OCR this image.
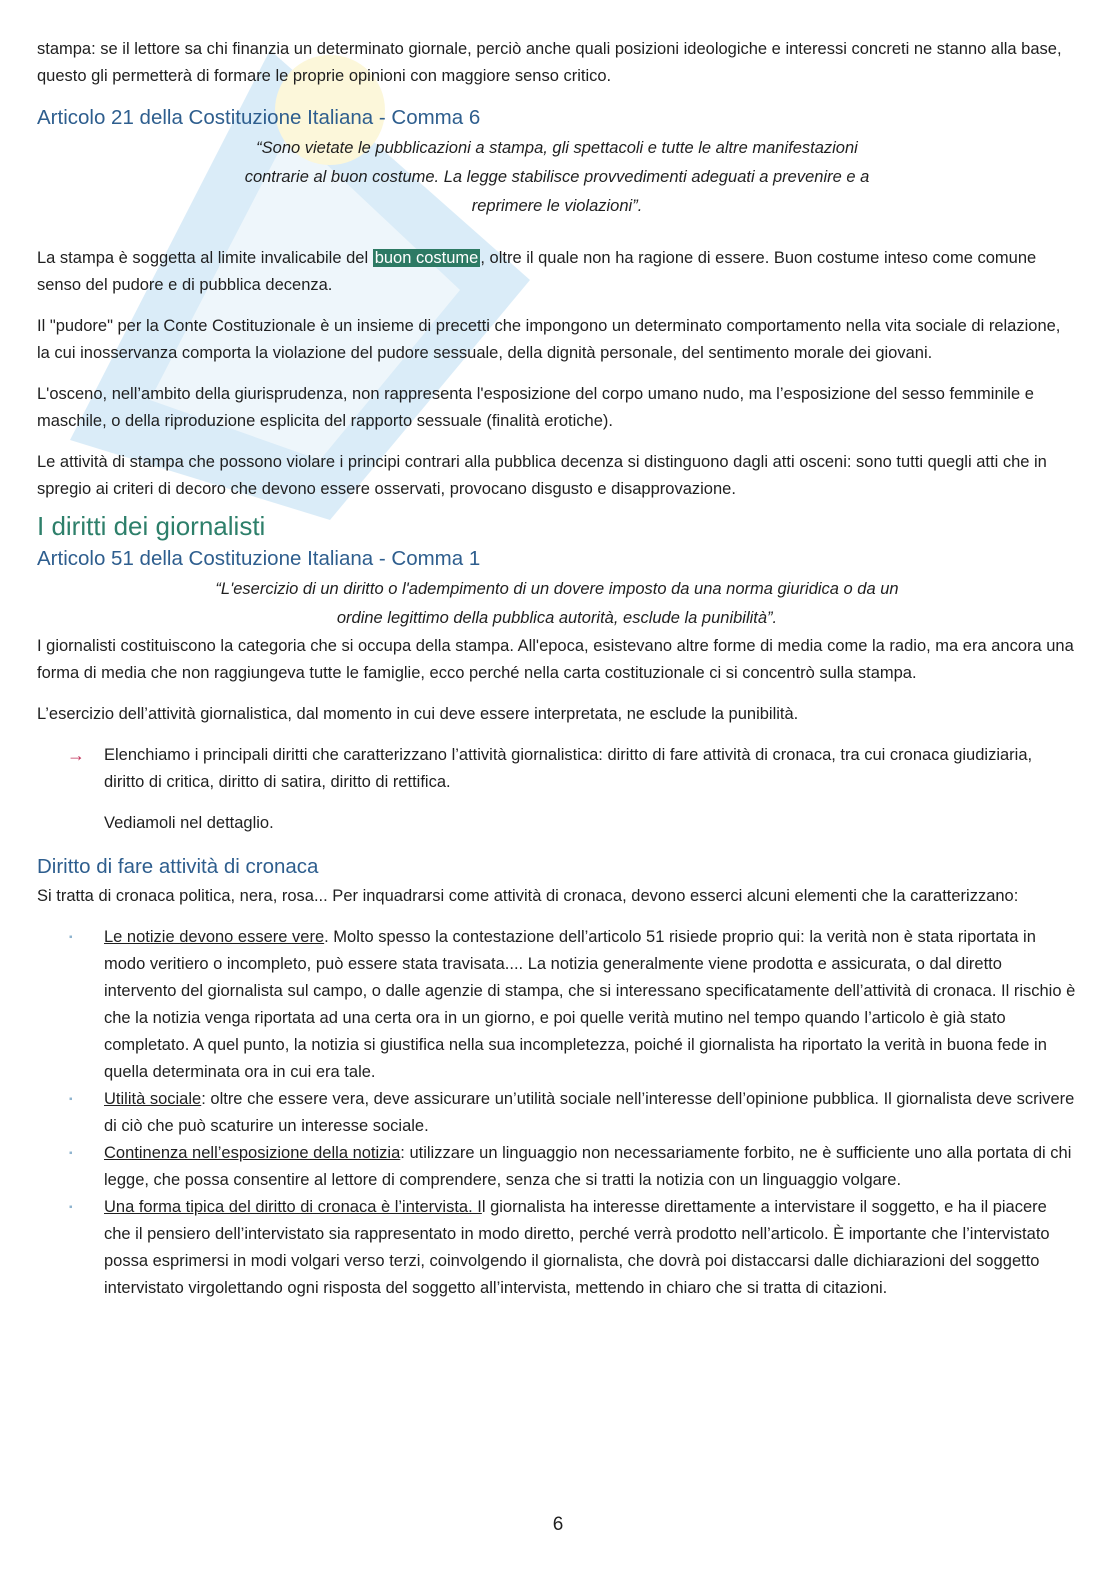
stampa: se il lettore sa chi finanzia un determinato giornale, perciò anche quali posizioni ideologiche e interessi concreti ne stanno alla base, questo gli permetterà di formare le proprie opinioni con maggiore senso critico.

Articolo 21 della Costituzione Italiana - Comma 6

“Sono vietate le pubblicazioni a stampa, gli spettacoli e tutte le altre manifestazioni contrarie al buon costume. La legge stabilisce provvedimenti adeguati a prevenire e a reprimere le violazioni”.

La stampa è soggetta al limite invalicabile del buon costume , oltre il quale non ha ragione di essere. Buon costume inteso come comune senso del pudore e di pubblica decenza.

Il "pudore" per la Conte Costituzionale è un insieme di precetti che impongono un determinato comportamento nella vita sociale di relazione, la cui inosservanza comporta la violazione del pudore sessuale, della dignità personale, del sentimento morale dei giovani.

L'osceno, nell’ambito della giurisprudenza, non rappresenta l'esposizione del corpo umano nudo, ma l’esposizione del sesso femminile e maschile, o della riproduzione esplicita del rapporto sessuale (finalità erotiche).

Le attività di stampa che possono violare i principi contrari alla pubblica decenza si distinguono dagli atti osceni: sono tutti quegli atti che in spregio ai criteri di decoro che devono essere osservati, provocano disgusto e disapprovazione.

I diritti dei giornalisti
Articolo 51 della Costituzione Italiana - Comma 1

“L'esercizio di un diritto o l'adempimento di un dovere imposto da una norma giuridica o da un ordine legittimo della pubblica autorità, esclude la punibilità”.

I giornalisti costituiscono la categoria che si occupa della stampa. All'epoca, esistevano altre forme di media come la radio, ma era ancora una forma di media che non raggiungeva tutte le famiglie, ecco perché nella carta costituzionale ci si concentrò sulla stampa.

L’esercizio dell’attività giornalistica, dal momento in cui deve essere interpretata, ne esclude la punibilità.

→	Elenchiamo i principali diritti che caratterizzano l’attività giornalistica: diritto di fare attività di cronaca, tra cui cronaca giudiziaria, diritto di critica, diritto di satira, diritto di rettifica.

Vediamoli nel dettaglio.

Diritto di fare attività di cronaca

Si tratta di cronaca politica, nera, rosa... Per inquadrarsi come attività di cronaca, devono esserci alcuni elementi che la caratterizzano:

▪	Le notizie devono essere vere. Molto spesso la contestazione dell’articolo 51 risiede proprio qui: la verità non è stata riportata in modo veritiero o incompleto, può essere stata travisata.... La notizia generalmente viene prodotta e assicurata, o dal diretto intervento del giornalista sul campo, o dalle agenzie di stampa, che si interessano specificatamente dell’attività di cronaca. Il rischio è che la notizia venga riportata ad una certa ora in un giorno, e poi quelle verità mutino nel tempo quando l’articolo è già stato completato. A quel punto, la notizia si giustifica nella sua incompletezza, poiché il giornalista ha riportato la verità in buona fede in quella determinata ora in cui era tale.

▪	Utilità sociale: oltre che essere vera, deve assicurare un’utilità sociale nell’interesse dell’opinione pubblica. Il giornalista deve scrivere di ciò che può scaturire un interesse sociale.

▪	Continenza nell’esposizione della notizia: utilizzare un linguaggio non necessariamente forbito, ne è sufficiente uno alla portata di chi legge, che possa consentire al lettore di comprendere, senza che si tratti la notizia con un linguaggio volgare.

▪	Una forma tipica del diritto di cronaca è l’intervista. Il giornalista ha interesse direttamente a intervistare il soggetto, e ha il piacere che il pensiero dell’intervistato sia rappresentato in modo diretto, perché verrà prodotto nell’articolo. È importante che l’intervistato possa esprimersi in modi volgari verso terzi, coinvolgendo il giornalista, che dovrà poi distaccarsi dalle dichiarazioni del soggetto intervistato virgolettando ogni risposta del soggetto all’intervista, mettendo in chiaro che si tratta di citazioni.

6
